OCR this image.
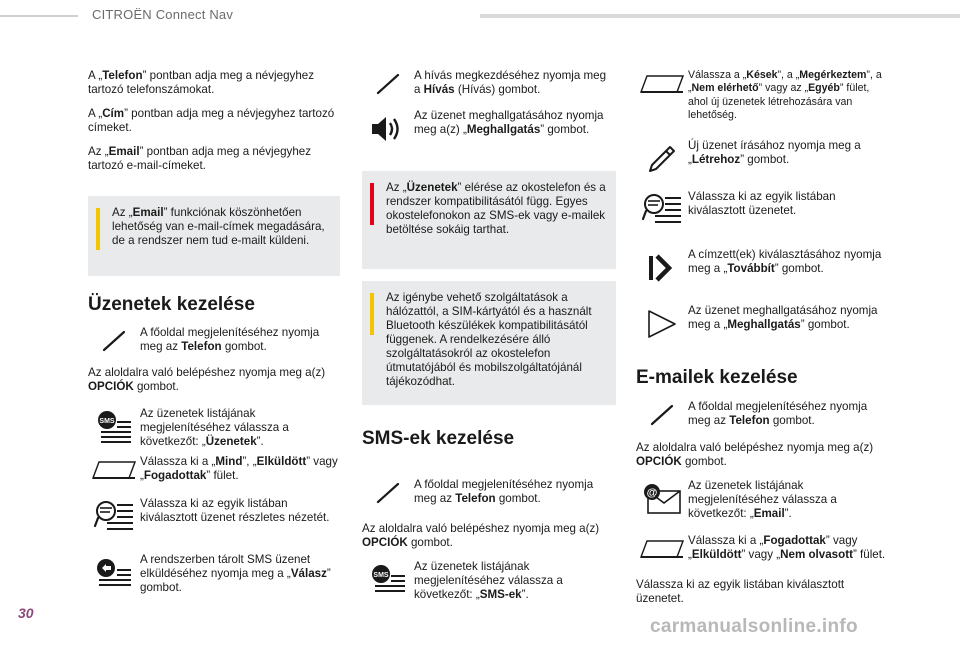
CITROËN Connect Nav
A „Telefon” pontban adja meg a névjegyhez tartozó telefonszámokat.
A „Cím” pontban adja meg a névjegyhez tartozó címeket.
Az „Email” pontban adja meg a névjegyhez tartozó e-mail-címeket.
Az „Email” funkciónak köszönhetően lehetőség van e-mail-címek megadására, de a rendszer nem tud e-mailt küldeni.
Üzenetek kezelése
A főoldal megjelenítéséhez nyomja meg az Telefon gombot.
Az aloldalra való belépéshez nyomja meg a(z) OPCIÓK gombot.
SMS
Az üzenetek listájának megjelenítéséhez válassza a következőt: „Üzenetek”.
Válassza ki a „Mind”, „Elküldött” vagy „Fogadottak” fület.
Válassza ki az egyik listában kiválasztott üzenet részletes nézetét.
A rendszerben tárolt SMS üzenet elküldéséhez nyomja meg a „Válasz” gombot.
A hívás megkezdéséhez nyomja meg a Hívás (Hívás) gombot.
Az üzenet meghallgatásához nyomja meg a(z) „Meghallgatás” gombot.
Az „Üzenetek” elérése az okostelefon és a rendszer kompatibilitásától függ. Egyes okostelefonokon az SMS-ek vagy e-mailek betöltése sokáig tarthat.
Az igénybe vehető szolgáltatások a hálózattól, a SIM-kártyától és a használt Bluetooth készülékek kompatibilitásától függenek. A rendelkezésére álló szolgáltatásokról az okostelefon útmutatójából és mobilszolgáltatójánál tájékozódhat.
SMS-ek kezelése
A főoldal megjelenítéséhez nyomja meg az Telefon gombot.
Az aloldalra való belépéshez nyomja meg a(z) OPCIÓK gombot.
SMS
Az üzenetek listájának megjelenítéséhez válassza a következőt: „SMS-ek”.
Válassza a „Kések”, a „Megérkeztem”, a „Nem elérhető” vagy az „Egyéb” fület, ahol új üzenetek létrehozására van lehetőség.
Új üzenet írásához nyomja meg a „Létrehoz” gombot.
Válassza ki az egyik listában kiválasztott üzenetet.
A címzett(ek) kiválasztásához nyomja meg a „Továbbít” gombot.
Az üzenet meghallgatásához nyomja meg a „Meghallgatás” gombot.
E-mailek kezelése
A főoldal megjelenítéséhez nyomja meg az Telefon gombot.
Az aloldalra való belépéshez nyomja meg a(z) OPCIÓK gombot.
@
Az üzenetek listájának megjelenítéséhez válassza a következőt: „Email”.
Válassza ki a „Fogadottak” vagy „Elküldött” vagy „Nem olvasott” fület.
Válassza ki az egyik listában kiválasztott üzenetet.
30
carmanualsonline.info
